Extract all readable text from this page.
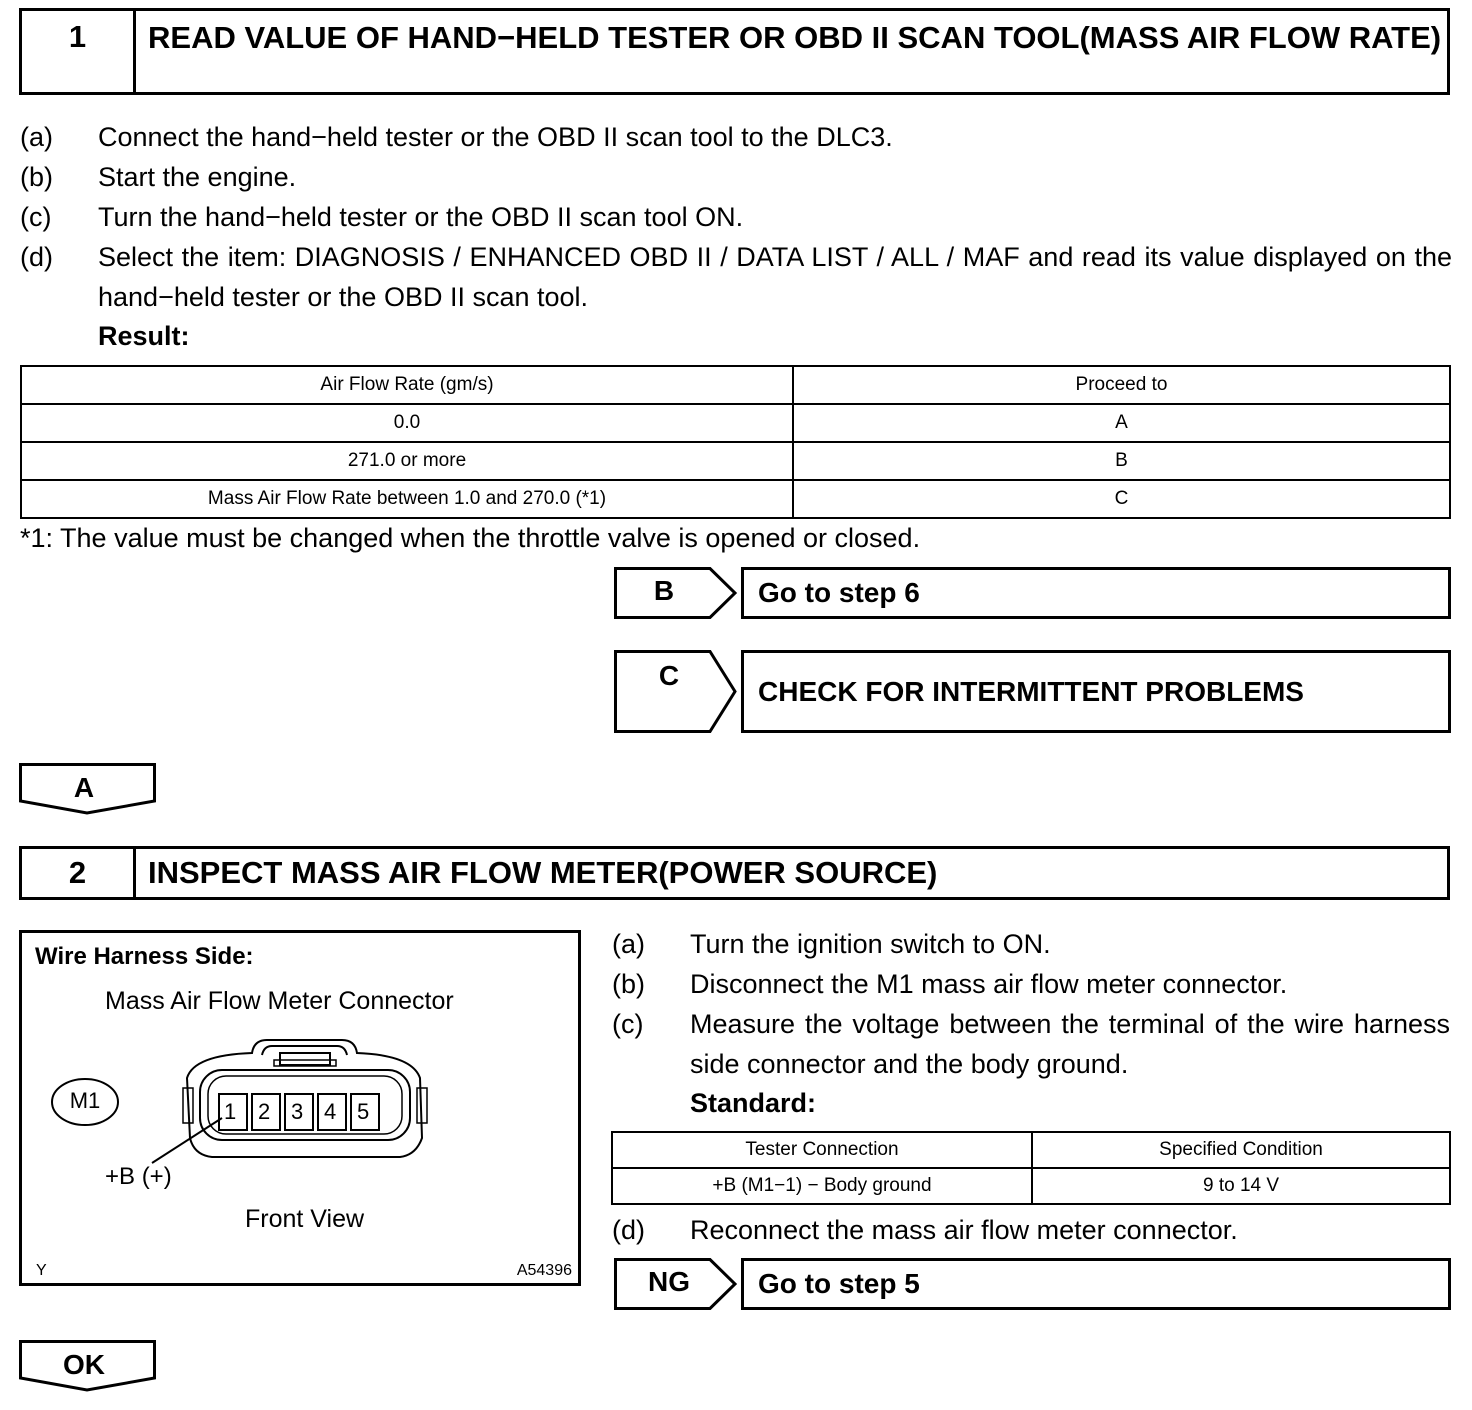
1	READ VALUE OF HAND−HELD TESTER OR OBD II SCAN TOOL(MASS AIR FLOW RATE)
(a) Connect the hand−held tester or the OBD II scan tool to the DLC3.
(b) Start the engine.
(c) Turn the hand−held tester or the OBD II scan tool ON.
(d) Select the item: DIAGNOSIS / ENHANCED OBD II / DATA LIST / ALL / MAF and read its value displayed on the hand−held tester or the OBD II scan tool.
Result:
Air Flow Rate (gm/s)	Proceed to
0.0	A
271.0 or more	B
Mass Air Flow Rate between 1.0 and 270.0 (*1)	C
*1: The value must be changed when the throttle valve is opened or closed.
B	Go to step 6
C	CHECK FOR INTERMITTENT PROBLEMS
A
2	INSPECT MASS AIR FLOW METER(POWER SOURCE)
Wire Harness Side:
Mass Air Flow Meter Connector
M1	1 2 3 4 5
+B (+)
Front View
Y	A54396
(a) Turn the ignition switch to ON.
(b) Disconnect the M1 mass air flow meter connector.
(c) Measure the voltage between the terminal of the wire harness side connector and the body ground.
Standard:
Tester Connection	Specified Condition
+B (M1−1) − Body ground	9 to 14 V
(d) Reconnect the mass air flow meter connector.
NG	Go to step 5
OK
